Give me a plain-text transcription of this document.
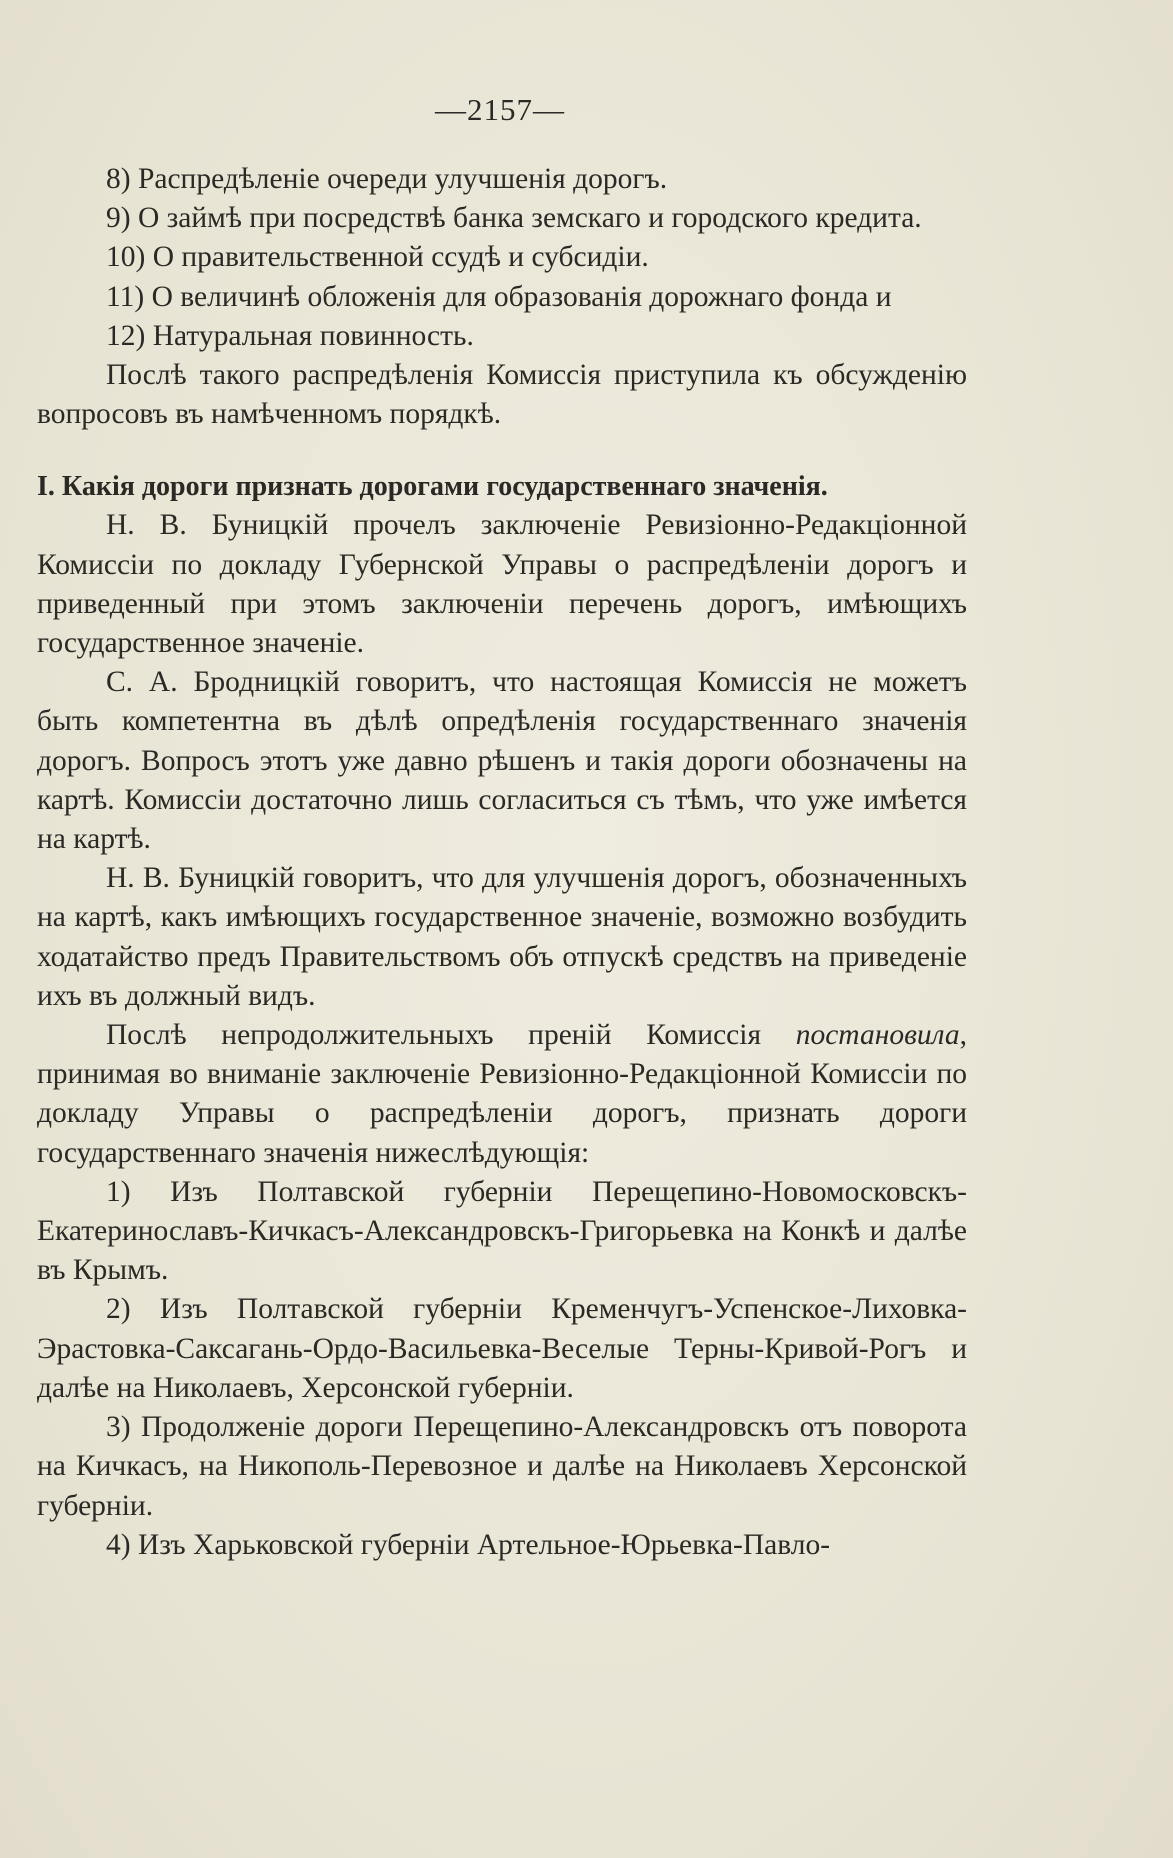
—2157—

8) Распредѣленіе очереди улучшенія дорогъ.

9) О займѣ при посредствѣ банка земскаго и городского кредита.

10) О правительственной ссудѣ и субсидіи.

11) О величинѣ обложенія для образованія дорожнаго фонда и

12) Натуральная повинность.

Послѣ такого распредѣленія Комиссія приступила къ обсужденію вопросовъ въ намѣченномъ порядкѣ.

I. Какія дороги признать дорогами государственнаго значенія.

Н. В. Буницкій прочелъ заключеніе Ревизіонно-Редакціонной Комиссіи по докладу Губернской Управы о распредѣленіи дорогъ и приведенный при этомъ заключеніи перечень дорогъ, имѣющихъ государственное значеніе.

С. А. Бродницкій говоритъ, что настоящая Комиссія не можетъ быть компетентна въ дѣлѣ опредѣленія государственнаго значенія дорогъ. Вопросъ этотъ уже давно рѣшенъ и такія дороги обозначены на картѣ. Комиссіи достаточно лишь согласиться съ тѣмъ, что уже имѣется на картѣ.

Н. В. Буницкій говоритъ, что для улучшенія дорогъ, обозначенныхъ на картѣ, какъ имѣющихъ государственное значеніе, возможно возбудить ходатайство предъ Правительствомъ объ отпускѣ средствъ на приведеніе ихъ въ должный видъ.

Послѣ непродолжительныхъ преній Комиссія постановила, принимая во вниманіе заключеніе Ревизіонно-Редакціонной Комиссіи по докладу Управы о распредѣленіи дорогъ, признать дороги государственнаго значенія нижеслѣдующія:

1) Изъ Полтавской губерніи Перещепино-Новомосковскъ-Екатеринославъ-Кичкасъ-Александровскъ-Григорьевка на Конкѣ и далѣе въ Крымъ.

2) Изъ Полтавской губерніи Кременчугъ-Успенское-Лиховка-Эрастовка-Саксагань-Ордо-Васильевка-Веселые Терны-Кривой-Рогъ и далѣе на Николаевъ, Херсонской губерніи.

3) Продолженіе дороги Перещепино-Александровскъ отъ поворота на Кичкасъ, на Никополь-Перевозное и далѣе на Николаевъ Херсонской губерніи.

4) Изъ Харьковской губерніи Артельное-Юрьевка-Павло-
